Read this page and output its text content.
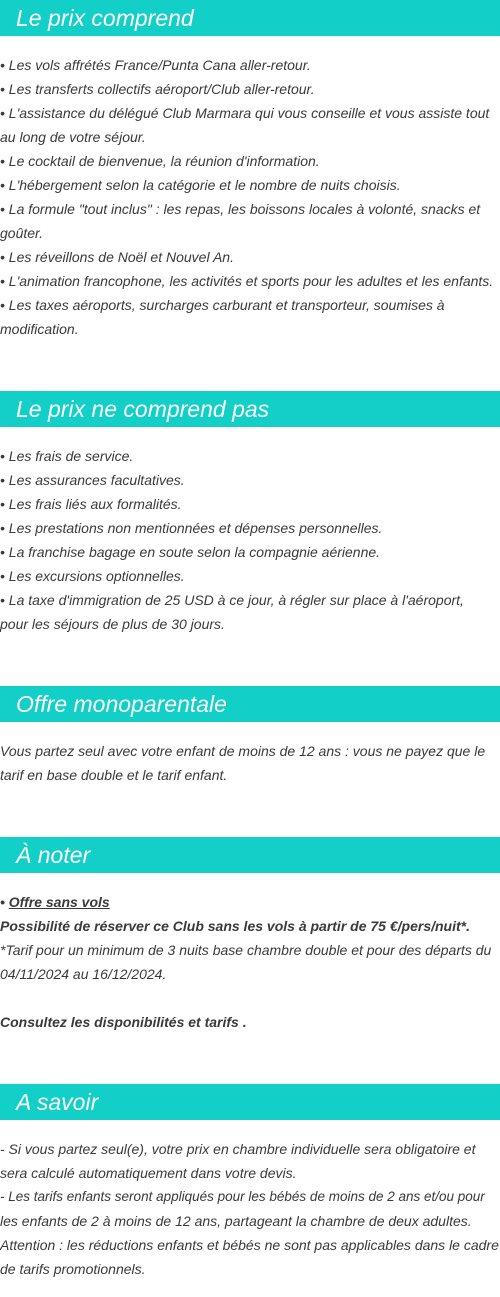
Le prix comprend
• Les vols affrétés France/Punta Cana aller-retour.
• Les transferts collectifs aéroport/Club aller-retour.
• L'assistance du délégué Club Marmara qui vous conseille et vous assiste tout
au long de votre séjour.
• Le cocktail de bienvenue, la réunion d'information.
• L'hébergement selon la catégorie et le nombre de nuits choisis.
• La formule "tout inclus" : les repas, les boissons locales à volonté, snacks et
goûter.
• Les réveillons de Noël et Nouvel An.
• L'animation francophone, les activités et sports pour les adultes et les enfants.
• Les taxes aéroports, surcharges carburant et transporteur, soumises à
modification.
Le prix ne comprend pas
• Les frais de service.
• Les assurances facultatives.
• Les frais liés aux formalités.
• Les prestations non mentionnées et dépenses personnelles.
• La franchise bagage en soute selon la compagnie aérienne.
• Les excursions optionnelles.
• La taxe d'immigration de 25 USD à ce jour, à régler sur place à l'aéroport,
pour les séjours de plus de 30 jours.
Offre monoparentale
Vous partez seul avec votre enfant de moins de 12 ans : vous ne payez que le
tarif en base double et le tarif enfant.
À noter
• Offre sans vols
Possibilité de réserver ce Club sans les vols à partir de 75 €/pers/nuit*.
*Tarif pour un minimum de 3 nuits base chambre double et pour des départs du
04/11/2024 au 16/12/2024.
Consultez les disponibilités et tarifs .
A savoir
- Si vous partez seul(e), votre prix en chambre individuelle sera obligatoire et
sera calculé automatiquement dans votre devis.
- Les tarifs enfants seront appliqués pour les bébés de moins de 2 ans et/ou pour
les enfants de 2 à moins de 12 ans, partageant la chambre de deux adultes.
Attention : les réductions enfants et bébés ne sont pas applicables dans le cadre
de tarifs promotionnels.
